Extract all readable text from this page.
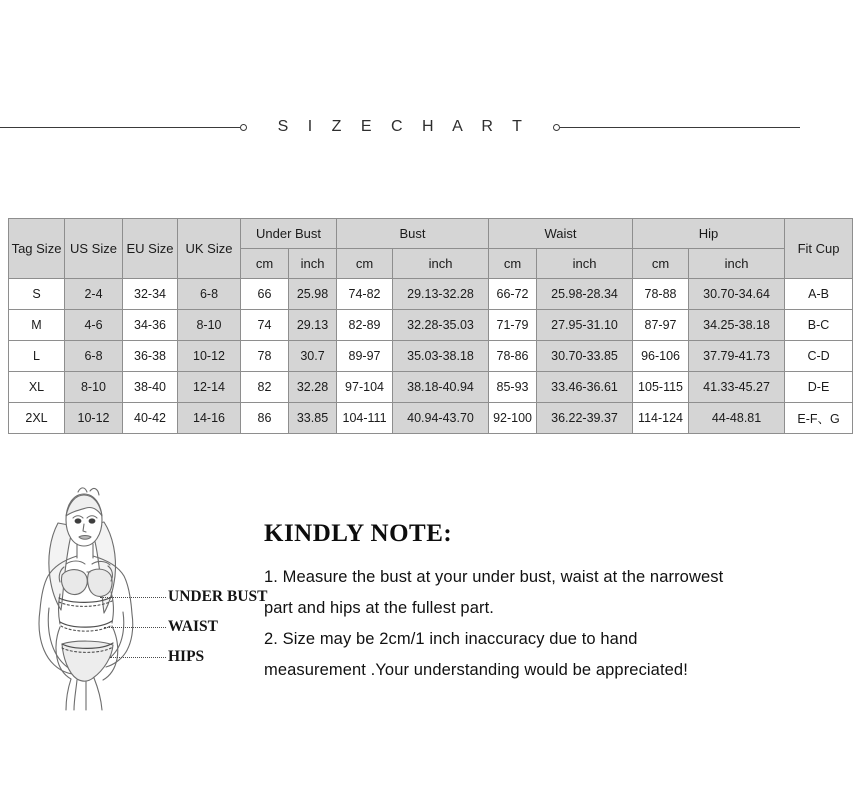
S I Z E C H A R T
Tag Size	US Size	EU Size	UK Size	Under Bust		Bust		Waist		Hip		Fit Cup
				cm	inch	cm	inch	cm	inch	cm	inch	
S	2-4	32-34	6-8	66	25.98	74-82	29.13-32.28	66-72	25.98-28.34	78-88	30.70-34.64	A-B
M	4-6	34-36	8-10	74	29.13	82-89	32.28-35.03	71-79	27.95-31.10	87-97	34.25-38.18	B-C
L	6-8	36-38	10-12	78	30.7	89-97	35.03-38.18	78-86	30.70-33.85	96-106	37.79-41.73	C-D
XL	8-10	38-40	12-14	82	32.28	97-104	38.18-40.94	85-93	33.46-36.61	105-115	41.33-45.27	D-E
2XL	10-12	40-42	14-16	86	33.85	104-111	40.94-43.70	92-100	36.22-39.37	114-124	44-48.81	E-F、G
UNDER BUST
WAIST
HIPS
KINDLY NOTE:
1. Measure the bust at your under bust, waist at the narrowest
part and hips at the fullest part.
2. Size may be 2cm/1 inch inaccuracy due to hand
measurement .Your understanding would be appreciated!
